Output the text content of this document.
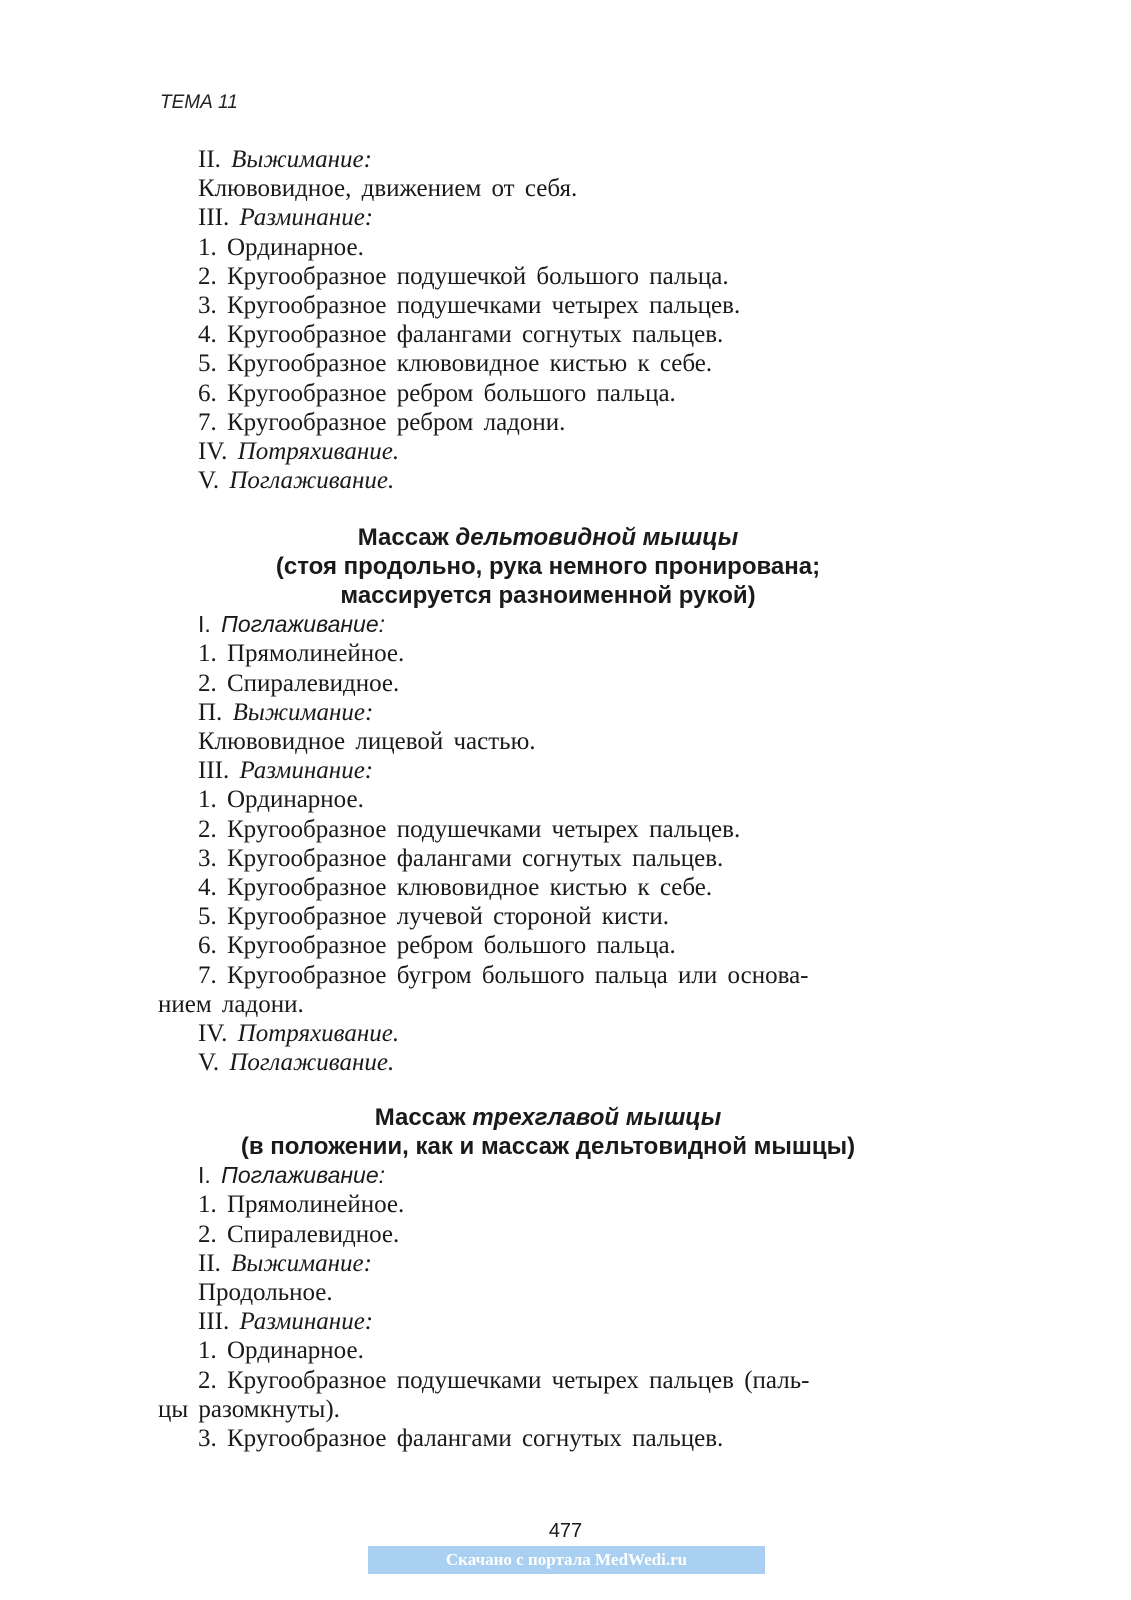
ТЕМА 11
II. Выжимание:
Клювовидное, движением от себя.
III. Разминание:
1. Ординарное.
2. Кругообразное подушечкой большого пальца.
3. Кругообразное подушечками четырех пальцев.
4. Кругообразное фалангами согнутых пальцев.
5. Кругообразное клювовидное кистью к себе.
6. Кругообразное ребром большого пальца.
7. Кругообразное ребром ладони.
IV. Потряхивание.
V. Поглаживание.
Массаж дельтовидной мышцы
(стоя продольно, рука немного пронирована;
массируется разноименной рукой)
I. Поглаживание:
1. Прямолинейное.
2. Спиралевидное.
П. Выжимание:
Клювовидное лицевой частью.
III. Разминание:
1. Ординарное.
2. Кругообразное подушечками четырех пальцев.
3. Кругообразное фалангами согнутых пальцев.
4. Кругообразное клювовидное кистью к себе.
5. Кругообразное лучевой стороной кисти.
6. Кругообразное ребром большого пальца.
7. Кругообразное бугром большого пальца или основа-
нием ладони.
IV. Потряхивание.
V. Поглаживание.
Массаж трехглавой мышцы
(в положении, как и массаж дельтовидной мышцы)
I. Поглаживание:
1. Прямолинейное.
2. Спиралевидное.
II. Выжимание:
Продольное.
III. Разминание:
1. Ординарное.
2. Кругообразное подушечками четырех пальцев (паль-
цы разомкнуты).
3. Кругообразное фалангами согнутых пальцев.
477
Скачано с портала MedWedi.ru
